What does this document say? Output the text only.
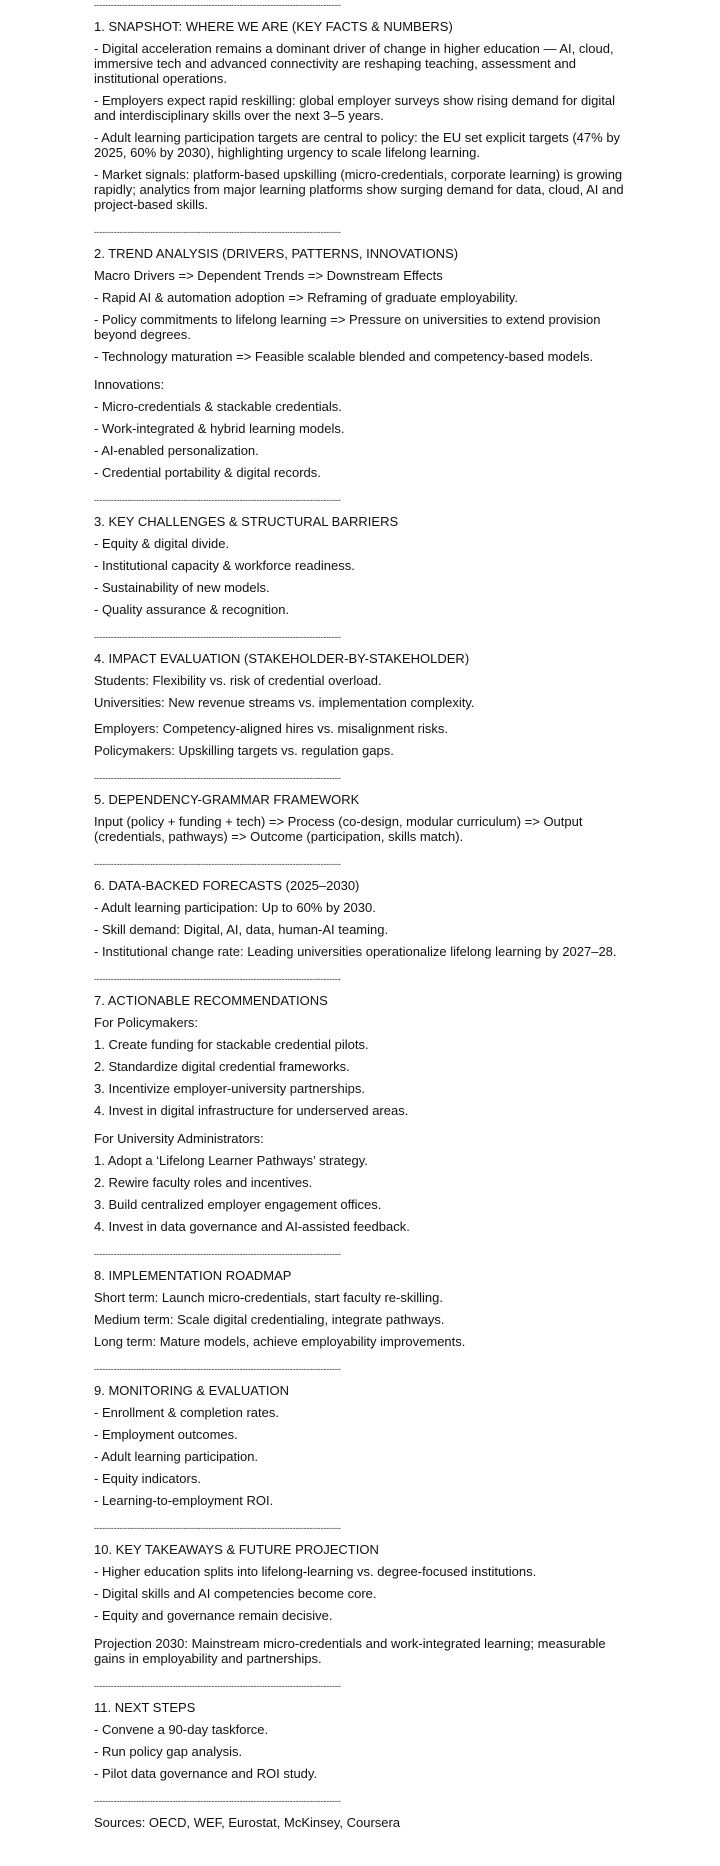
-----
1. SNAPSHOT: WHERE WE ARE (KEY FACTS & NUMBERS)
- Digital acceleration remains a dominant driver of change in higher education — AI, cloud, immersive tech and advanced connectivity are reshaping teaching, assessment and institutional operations.
- Employers expect rapid reskilling: global employer surveys show rising demand for digital and interdisciplinary skills over the next 3–5 years.
- Adult learning participation targets are central to policy: the EU set explicit targets (47% by 2025, 60% by 2030), highlighting urgency to scale lifelong learning.
- Market signals: platform-based upskilling (micro-credentials, corporate learning) is growing rapidly; analytics from major learning platforms show surging demand for data, cloud, AI and project-based skills.
-----
2. TREND ANALYSIS (DRIVERS, PATTERNS, INNOVATIONS)
Macro Drivers => Dependent Trends => Downstream Effects
- Rapid AI & automation adoption => Reframing of graduate employability.
- Policy commitments to lifelong learning => Pressure on universities to extend provision beyond degrees.
- Technology maturation => Feasible scalable blended and competency-based models.
Innovations:
- Micro-credentials & stackable credentials.
- Work-integrated & hybrid learning models.
- AI-enabled personalization.
- Credential portability & digital records.
-----
3. KEY CHALLENGES & STRUCTURAL BARRIERS
- Equity & digital divide.
- Institutional capacity & workforce readiness.
- Sustainability of new models.
- Quality assurance & recognition.
-----
4. IMPACT EVALUATION (STAKEHOLDER-BY-STAKEHOLDER)
Students: Flexibility vs. risk of credential overload.
Universities: New revenue streams vs. implementation complexity.
Employers: Competency-aligned hires vs. misalignment risks.
Policymakers: Upskilling targets vs. regulation gaps.
-----
5. DEPENDENCY-GRAMMAR FRAMEWORK
Input (policy + funding + tech) => Process (co-design, modular curriculum) => Output (credentials, pathways) => Outcome (participation, skills match).
-----
6. DATA-BACKED FORECASTS (2025–2030)
- Adult learning participation: Up to 60% by 2030.
- Skill demand: Digital, AI, data, human-AI teaming.
- Institutional change rate: Leading universities operationalize lifelong learning by 2027–28.
-----
7. ACTIONABLE RECOMMENDATIONS
For Policymakers:
1. Create funding for stackable credential pilots.
2. Standardize digital credential frameworks.
3. Incentivize employer-university partnerships.
4. Invest in digital infrastructure for underserved areas.
For University Administrators:
1. Adopt a ‘Lifelong Learner Pathways’ strategy.
2. Rewire faculty roles and incentives.
3. Build centralized employer engagement offices.
4. Invest in data governance and AI-assisted feedback.
-----
8. IMPLEMENTATION ROADMAP
Short term: Launch micro-credentials, start faculty re-skilling.
Medium term: Scale digital credentialing, integrate pathways.
Long term: Mature models, achieve employability improvements.
-----
9. MONITORING & EVALUATION
- Enrollment & completion rates.
- Employment outcomes.
- Adult learning participation.
- Equity indicators.
- Learning-to-employment ROI.
-----
10. KEY TAKEAWAYS & FUTURE PROJECTION
- Higher education splits into lifelong-learning vs. degree-focused institutions.
- Digital skills and AI competencies become core.
- Equity and governance remain decisive.
Projection 2030: Mainstream micro-credentials and work-integrated learning; measurable gains in employability and partnerships.
-----
11. NEXT STEPS
- Convene a 90-day taskforce.
- Run policy gap analysis.
- Pilot data governance and ROI study.
-----
Sources: OECD, WEF, Eurostat, McKinsey, Coursera
